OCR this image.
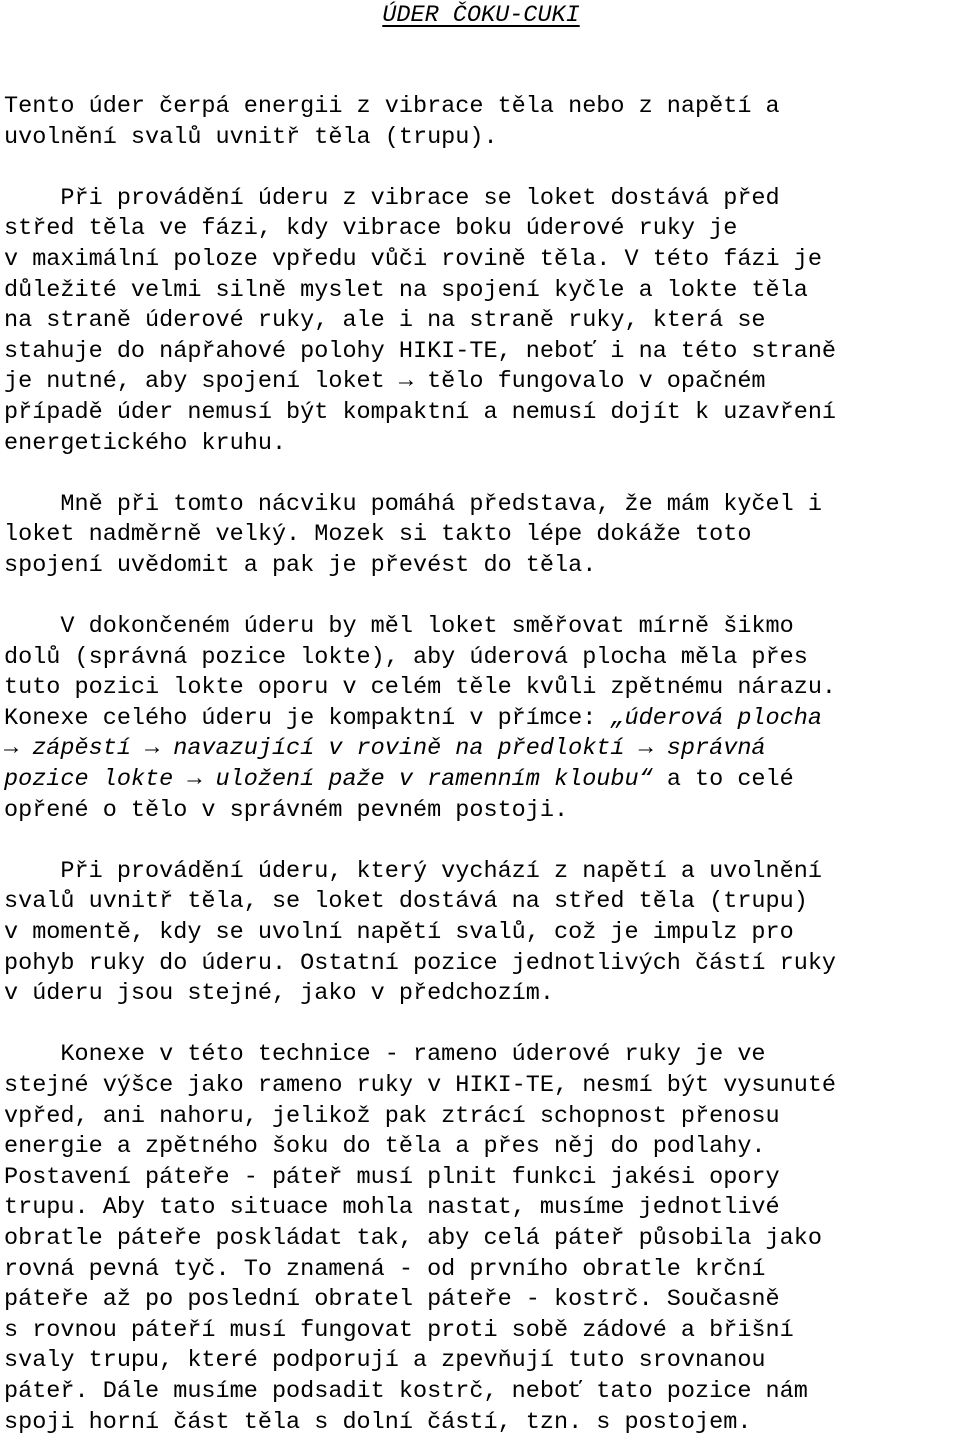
ÚDER ČOKU-CUKI
Tento úder čerpá energii z vibrace těla nebo z napětí a
uvolnění svalů uvnitř těla (trupu).
Při provádění úderu z vibrace se loket dostává před
střed těla ve fázi, kdy vibrace boku úderové ruky je
v maximální poloze vpředu vůči rovině těla. V této fázi je
důležité velmi silně myslet na spojení kyčle a lokte těla
na straně úderové ruky, ale i na straně ruky, která se
stahuje do nápřahové polohy HIKI-TE, neboť i na této straně
je nutné, aby spojení loket → tělo fungovalo v opačném
případě úder nemusí být kompaktní a nemusí dojít k uzavření
energetického kruhu.
Mně při tomto nácviku pomáhá představa, že mám kyčel i
loket nadměrně velký. Mozek si takto lépe dokáže toto
spojení uvědomit a pak je převést do těla.
V dokončeném úderu by měl loket směřovat mírně šikmo
dolů (správná pozice lokte), aby úderová plocha měla přes
tuto pozici lokte oporu v celém těle kvůli zpětnému nárazu.
Konexe celého úderu je kompaktní v přímce: „úderová plocha
→ zápěstí → navazující v rovině na předloktí → správná
pozice lokte → uložení paže v ramenním kloubu“ a to celé
opřené o tělo v správném pevném postoji.
Při provádění úderu, který vychází z napětí a uvolnění
svalů uvnitř těla, se loket dostává na střed těla (trupu)
v momentě, kdy se uvolní napětí svalů, což je impulz pro
pohyb ruky do úderu. Ostatní pozice jednotlivých částí ruky
v úderu jsou stejné, jako v předchozím.
Konexe v této technice - rameno úderové ruky je ve
stejné výšce jako rameno ruky v HIKI-TE, nesmí být vysunuté
vpřed, ani nahoru, jelikož pak ztrácí schopnost přenosu
energie a zpětného šoku do těla a přes něj do podlahy.
Postavení páteře - páteř musí plnit funkci jakési opory
trupu. Aby tato situace mohla nastat, musíme jednotlivé
obratle páteře poskládat tak, aby celá páteř působila jako
rovná pevná tyč. To znamená - od prvního obratle krční
páteře až po poslední obratel páteře - kostrč. Současně
s rovnou páteří musí fungovat proti sobě zádové a břišní
svaly trupu, které podporují a zpevňují tuto srovnanou
páteř. Dále musíme podsadit kostrč, neboť tato pozice nám
spoji horní část těla s dolní částí, tzn. s postojem.
